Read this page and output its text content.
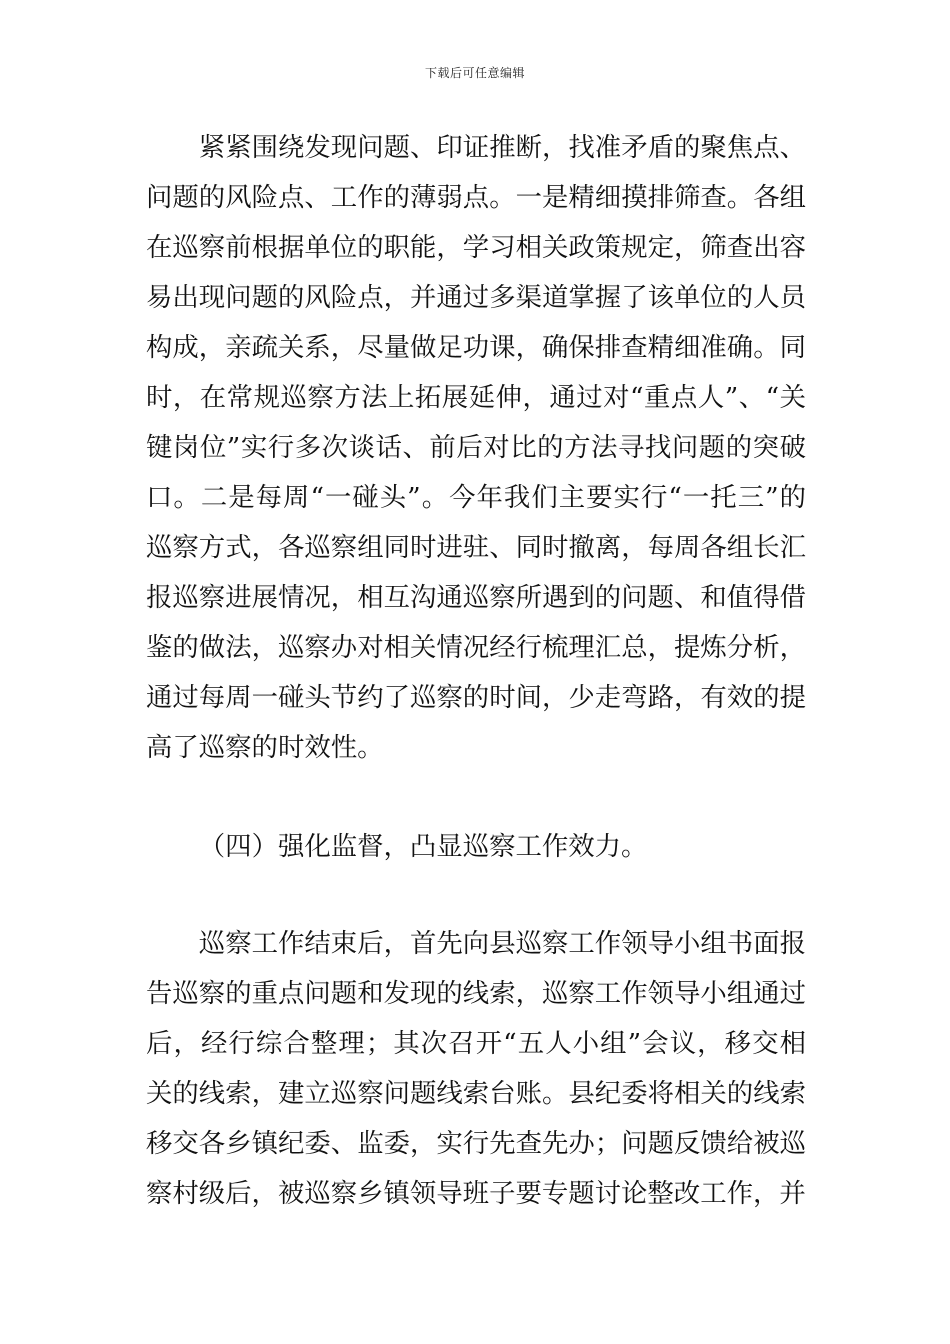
下载后可任意编辑

紧紧围绕发现问题、印证推断，找准矛盾的聚焦点、问题的风险点、工作的薄弱点。一是精细摸排筛查。各组在巡察前根据单位的职能，学习相关政策规定，筛查出容易出现问题的风险点，并通过多渠道掌握了该单位的人员构成，亲疏关系，尽量做足功课，确保排查精细准确。同时，在常规巡察方法上拓展延伸，通过对“重点人”、“关键岗位”实行多次谈话、前后对比的方法寻找问题的突破口。二是每周“一碰头”。今年我们主要实行“一托三”的巡察方式，各巡察组同时进驻、同时撤离，每周各组长汇报巡察进展情况，相互沟通巡察所遇到的问题、和值得借鉴的做法，巡察办对相关情况经行梳理汇总，提炼分析，通过每周一碰头节约了巡察的时间，少走弯路，有效的提高了巡察的时效性。

（四）强化监督，凸显巡察工作效力。

巡察工作结束后，首先向县巡察工作领导小组书面报告巡察的重点问题和发现的线索，巡察工作领导小组通过后，经行综合整理；其次召开“五人小组”会议，移交相关的线索，建立巡察问题线索台账。县纪委将相关的线索移交各乡镇纪委、监委，实行先查先办；问题反馈给被巡察村级后，被巡察乡镇领导班子要专题讨论整改工作，并
